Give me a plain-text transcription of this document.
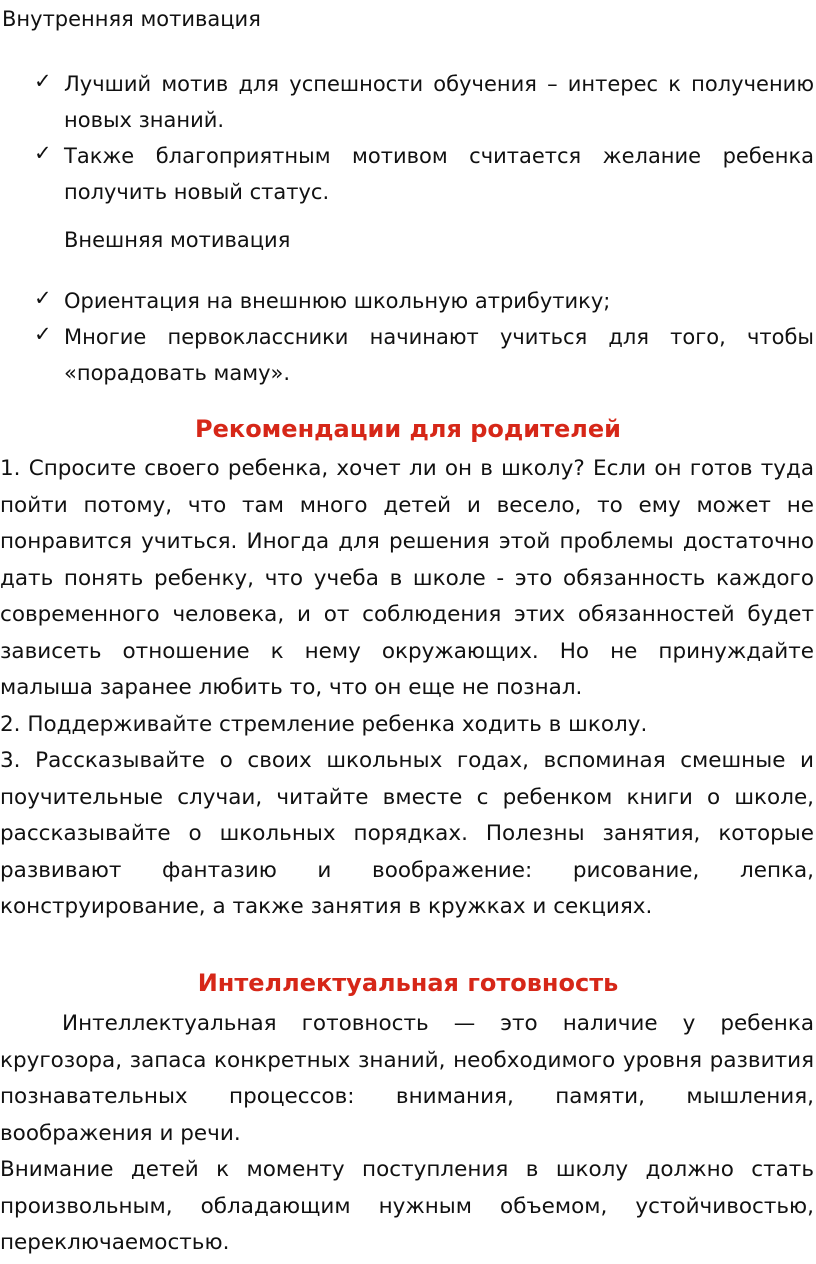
Внутренняя мотивация

✓ Лучший мотив для успешности обучения – интерес к получению новых знаний.
✓ Также благоприятным мотивом считается желание ребенка получить новый статус.

Внешняя мотивация

✓ Ориентация на внешнюю школьную атрибутику;
✓ Многие первоклассники начинают учиться для того, чтобы «порадовать маму».
Рекомендации для родителей

1. Спросите своего ребенка, хочет ли он в школу? Если он готов туда пойти потому, что там много детей и весело, то ему может не понравится учиться. Иногда для решения этой проблемы достаточно дать понять ребенку, что учеба в школе - это обязанность каждого современного человека, и от соблюдения этих обязанностей будет зависеть отношение к нему окружающих. Но не принуждайте малыша заранее любить то, что он еще не познал.

2. Поддерживайте стремление ребенка ходить в школу.

3. Рассказывайте о своих школьных годах, вспоминая смешные и поучительные случаи, читайте вместе с ребенком книги о школе, рассказывайте о школьных порядках. Полезны занятия, которые развивают фантазию и воображение: рисование, лепка, конструирование, а также занятия в кружках и секциях.

Интеллектуальная готовность

Интеллектуальная готовность — это наличие у ребенка кругозора, запаса конкретных знаний, необходимого уровня развития познавательных процессов: внимания, памяти, мышления, воображения и речи.

Внимание детей к моменту поступления в школу должно стать произвольным, обладающим нужным объемом, устойчивостью, переключаемостью.
